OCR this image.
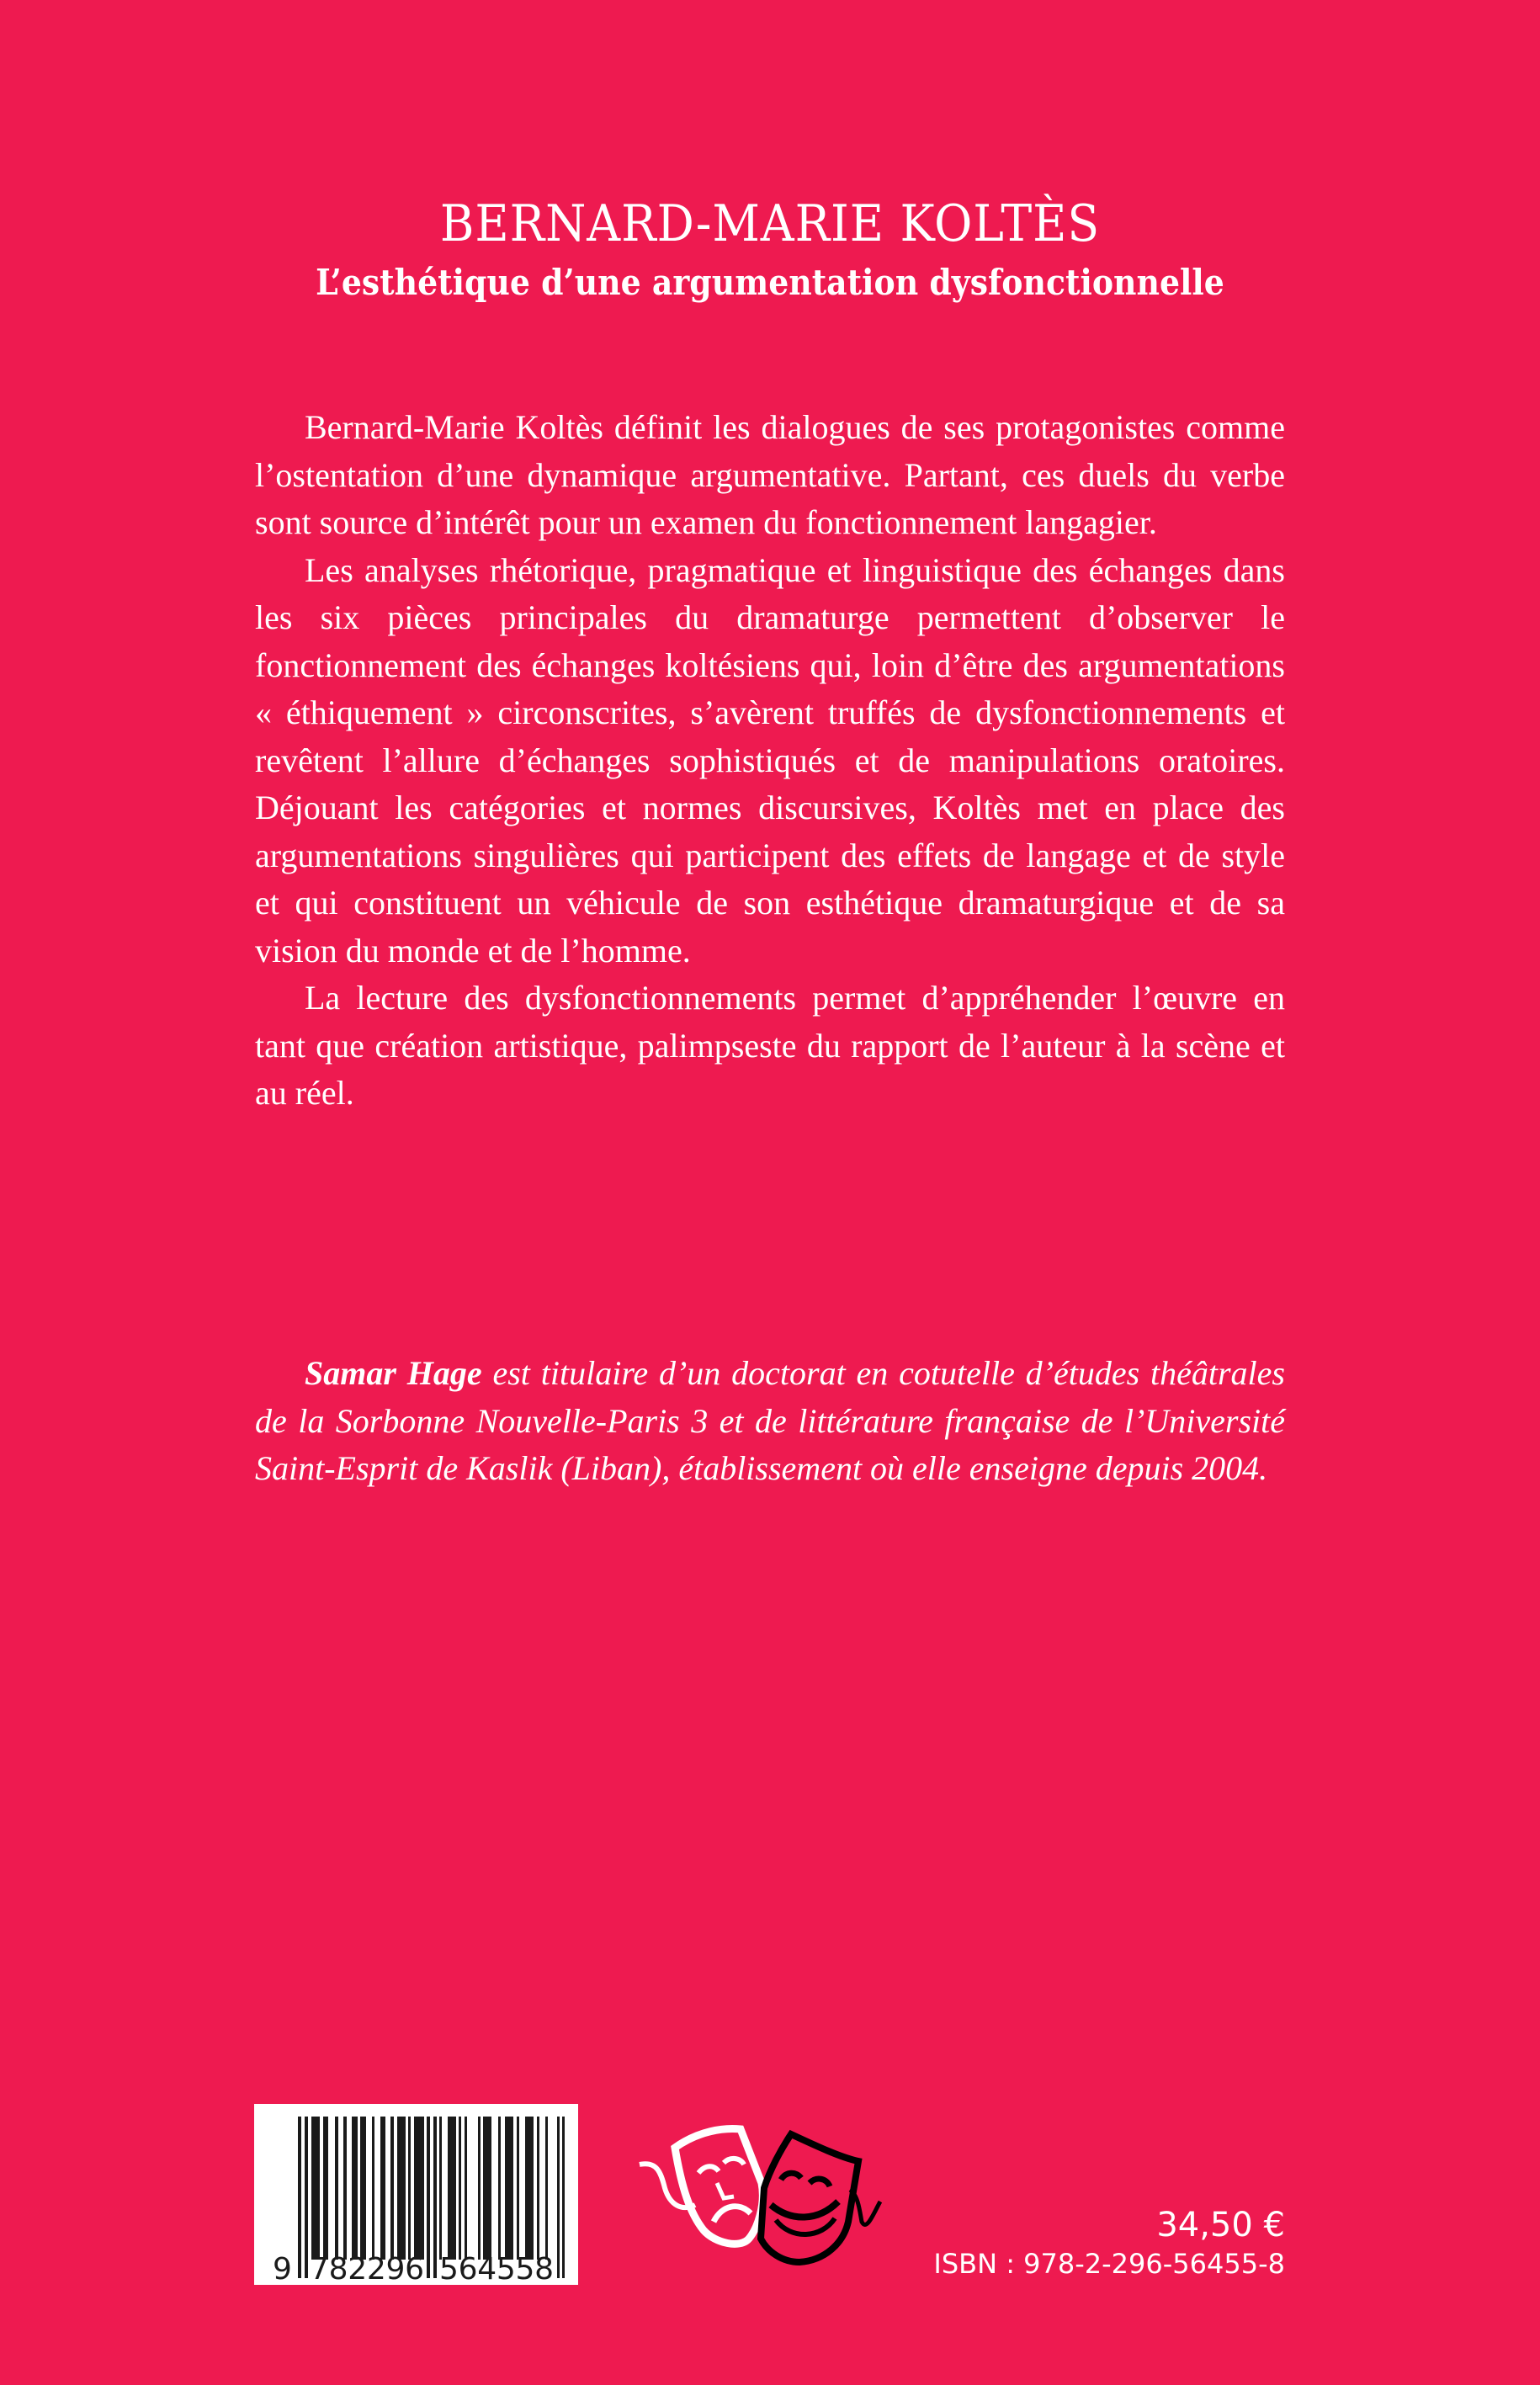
BERNARD-MARIE KOLTÈS
L’esthétique d’une argumentation dysfonctionnelle

Bernard-Marie Koltès définit les dialogues de ses protagonistes comme l’ostentation d’une dynamique argumentative. Partant, ces duels du verbe sont source d’intérêt pour un examen du fonctionnement langagier.

Les analyses rhétorique, pragmatique et linguistique des échanges dans les six pièces principales du dramaturge permettent d’observer le fonctionnement des échanges koltésiens qui, loin d’être des argumentations « éthiquement » circonscrites, s’avèrent truffés de dysfonctionnements et revêtent l’allure d’échanges sophistiqués et de manipulations oratoires. Déjouant les catégories et normes discursives, Koltès met en place des argumentations singulières qui participent des effets de langage et de style et qui constituent un véhicule de son esthétique dramaturgique et de sa vision du monde et de l’homme.

La lecture des dysfonctionnements permet d’appréhender l’œuvre en tant que création artistique, palimpseste du rapport de l’auteur à la scène et au réel.

Samar Hage est titulaire d’un doctorat en cotutelle d’études théâtrales de la Sorbonne Nouvelle-Paris 3 et de littérature française de l’Université Saint-Esprit de Kaslik (Liban), établissement où elle enseigne depuis 2004.

9 782296 564558
34,50 €
ISBN : 978-2-296-56455-8
